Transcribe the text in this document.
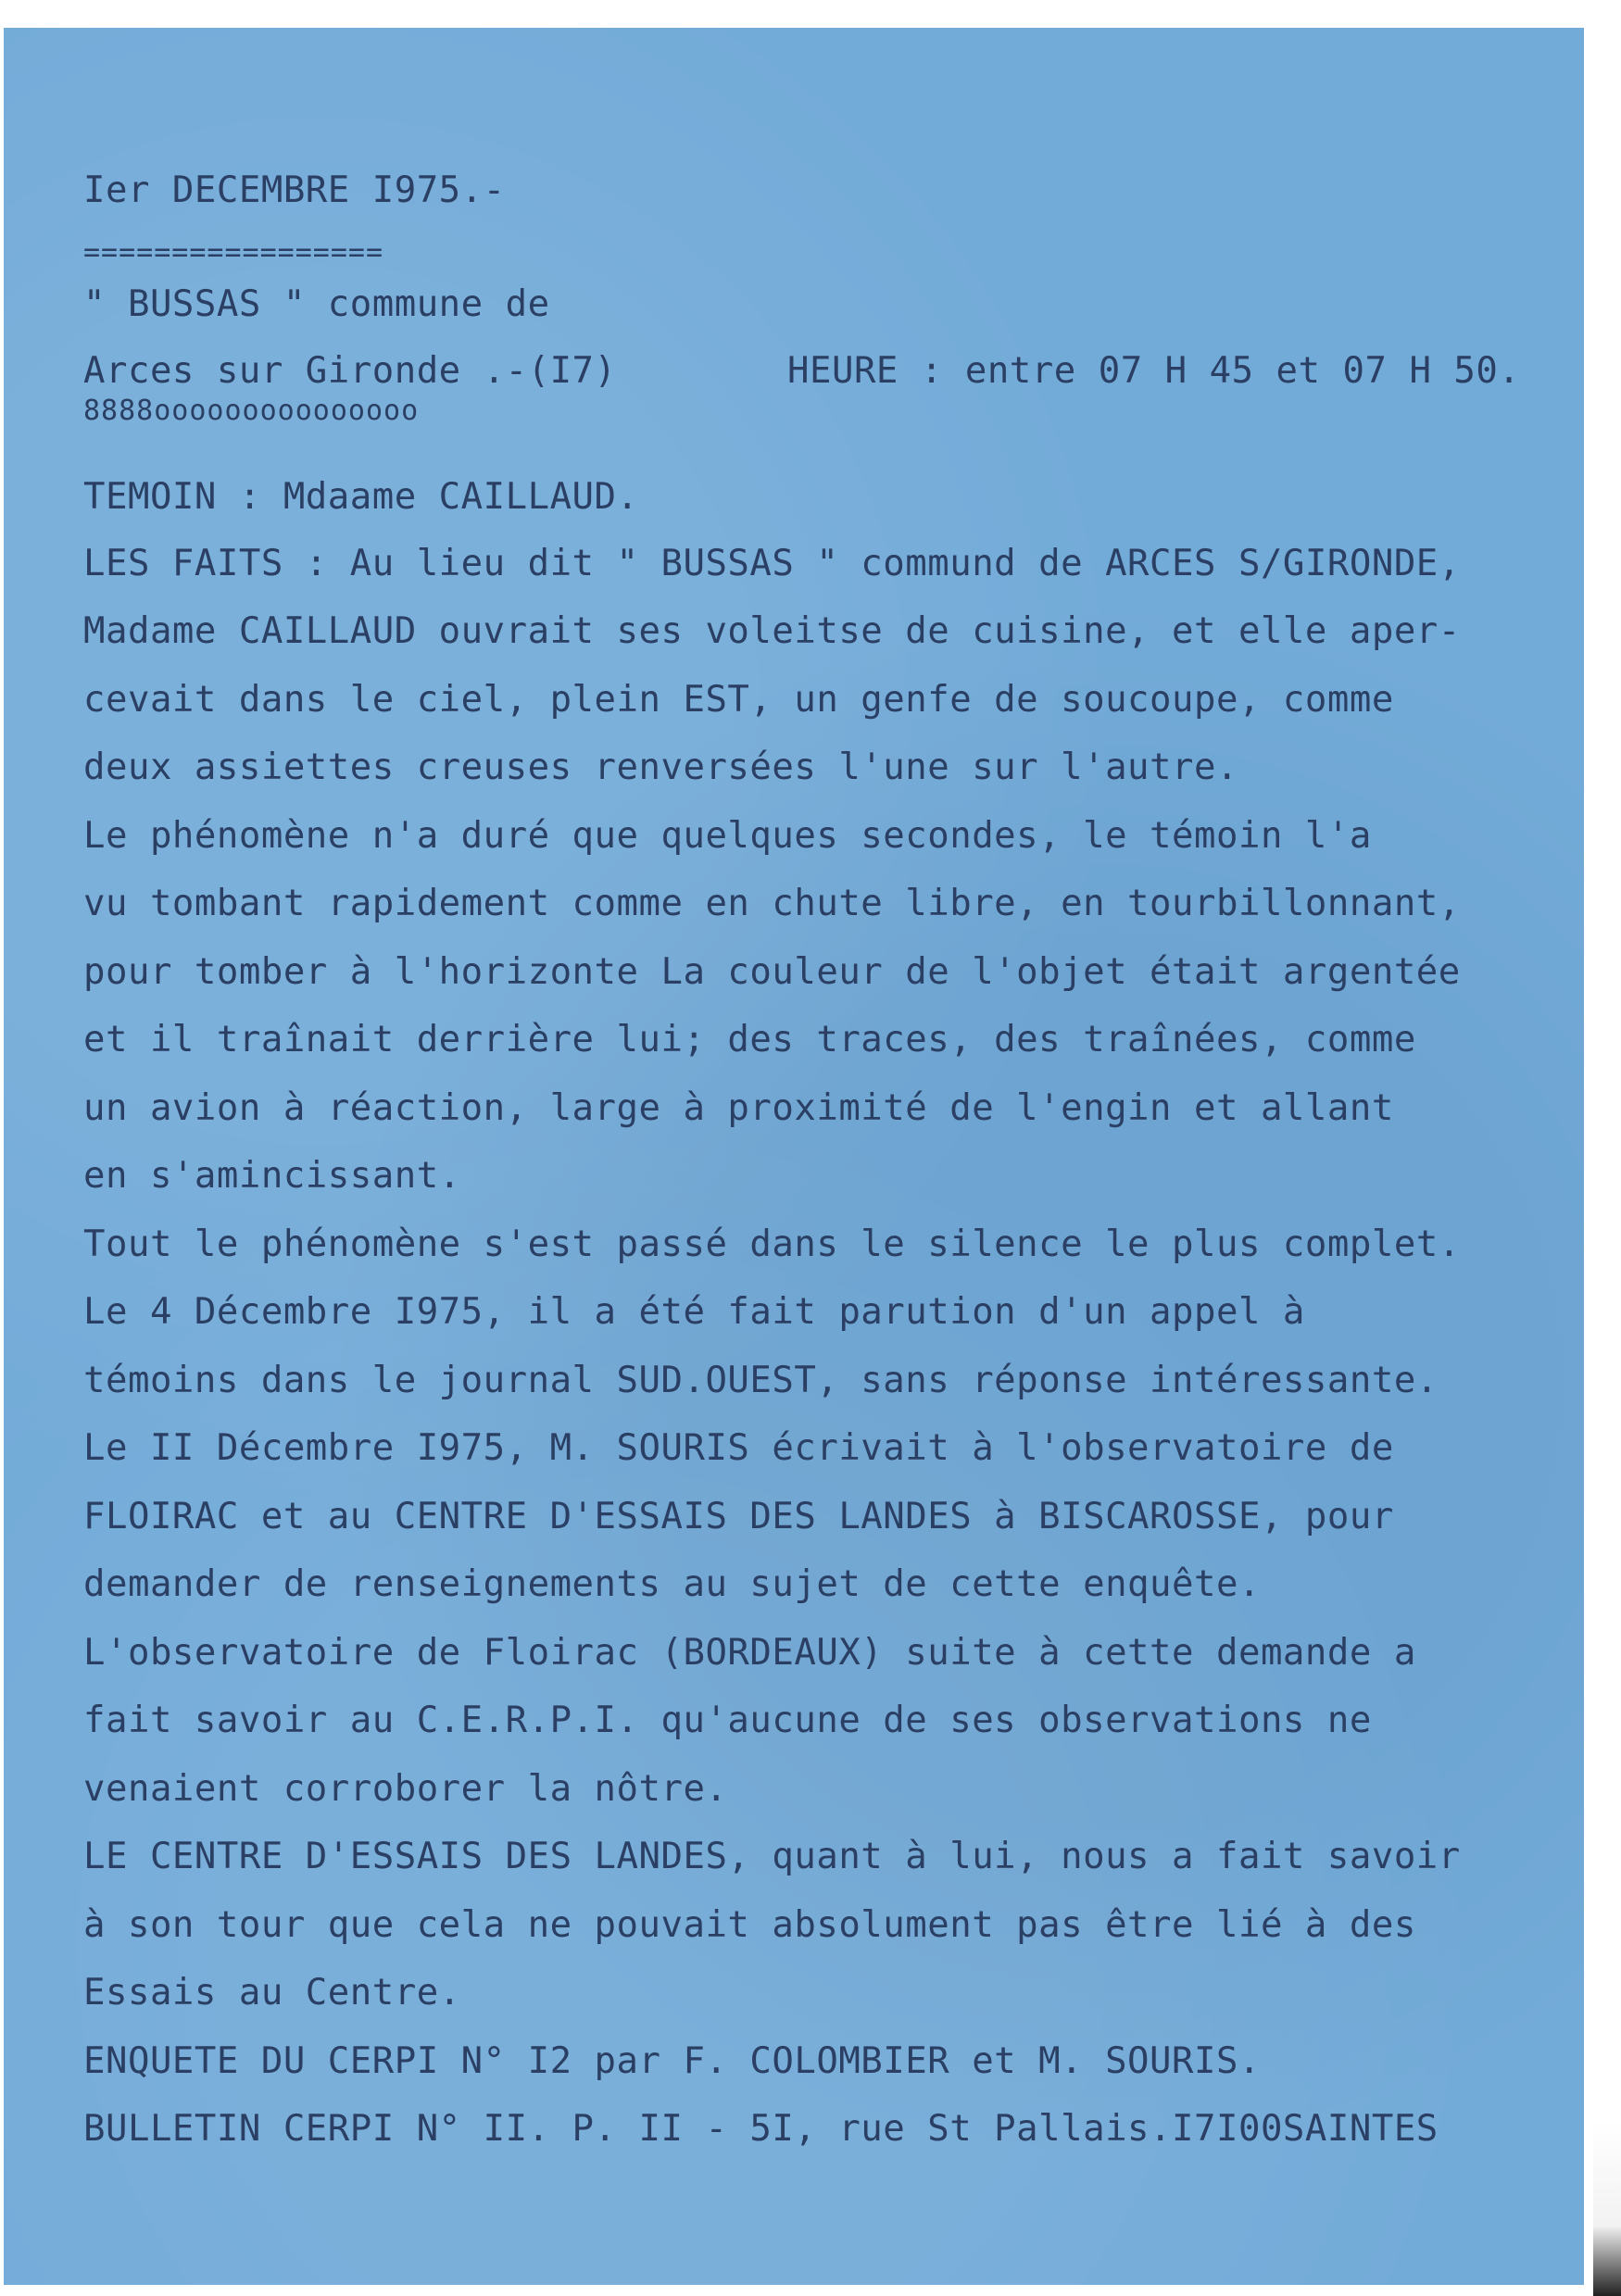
Ier DECEMBRE I975.-
=================
" BUSSAS " commune de
Arces sur Gironde .-(I7)	HEURE : entre 07 H 45 et 07 H 50.
8888ooooooooooooooo
TEMOIN : Mdaame CAILLAUD.
LES FAITS : Au lieu dit " BUSSAS " commund de ARCES S/GIRONDE,
Madame CAILLAUD ouvrait ses voleitse de cuisine, et elle aper-
cevait dans le ciel, plein EST, un genfe de soucoupe, comme
deux assiettes creuses renversées l'une sur l'autre.
Le phénomène n'a duré que quelques secondes, le témoin l'a
vu tombant rapidement comme en chute libre, en tourbillonnant,
pour tomber à l'horizonte La couleur de l'objet était argentée
et il traînait derrière lui; des traces, des traînées, comme
un avion à réaction, large à proximité de l'engin et allant
en s'amincissant.
Tout le phénomène s'est passé dans le silence le plus complet.
Le 4 Décembre I975, il a été fait parution d'un appel à
témoins dans le journal SUD.OUEST, sans réponse intéressante.
Le II Décembre I975, M. SOURIS écrivait à l'observatoire de
FLOIRAC et au CENTRE D'ESSAIS DES LANDES à BISCAROSSE, pour
demander de renseignements au sujet de cette enquête.
L'observatoire de Floirac (BORDEAUX) suite à cette demande a
fait savoir au C.E.R.P.I. qu'aucune de ses observations ne
venaient corroborer la nôtre.
LE CENTRE D'ESSAIS DES LANDES, quant à lui, nous a fait savoir
à son tour que cela ne pouvait absolument pas être lié à des
Essais au Centre.
ENQUETE DU CERPI N° I2 par F. COLOMBIER et M. SOURIS.
BULLETIN CERPI N° II. P. II - 5I, rue St Pallais.I7I00SAINTES
